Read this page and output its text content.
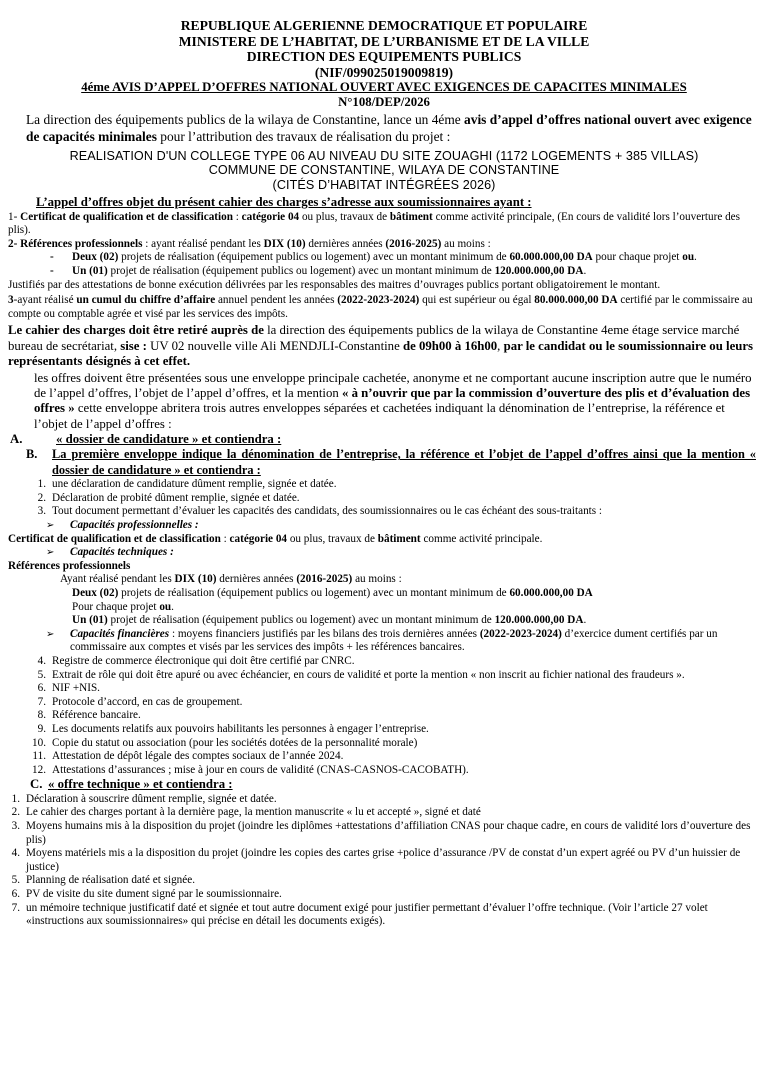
REPUBLIQUE ALGERIENNE DEMOCRATIQUE ET POPULAIRE
MINISTERE DE L’HABITAT, DE L’URBANISME ET DE LA VILLE
DIRECTION DES EQUIPEMENTS PUBLICS
(NIF/099025019009819)
4éme AVIS D’APPEL D’OFFRES NATIONAL OUVERT AVEC EXIGENCES DE CAPACITES MINIMALES
N°108/DEP/2026
La direction des équipements publics de la wilaya de Constantine, lance un 4éme avis d’appel d’offres national ouvert avec exigence de capacités minimales pour l’attribution des travaux de réalisation du projet :
REALISATION D'UN COLLEGE TYPE 06 AU NIVEAU DU SITE ZOUAGHI (1172 LOGEMENTS + 385 VILLAS)
COMMUNE DE CONSTANTINE, WILAYA DE CONSTANTINE
(CITÉS D’HABITAT INTÉGRÉES 2026)
L’appel d’offres objet du présent cahier des charges s’adresse aux soumissionnaires ayant :
1- Certificat de qualification et de classification : catégorie 04 ou plus, travaux de bâtiment comme activité principale, (En cours de validité lors l’ouverture des plis).
2- Références professionnels : ayant réalisé pendant les DIX (10) dernières années (2016-2025) au moins :
-	Deux (02) projets de réalisation (équipement publics ou logement) avec un montant minimum de 60.000.000,00 DA pour chaque projet ou.
-	Un (01) projet de réalisation (équipement publics ou logement) avec un montant minimum de 120.000.000,00 DA.
Justifiés par des attestations de bonne exécution délivrées par les responsables des maitres d’ouvrages publics portant obligatoirement le montant.
3-ayant réalisé un cumul du chiffre d’affaire annuel pendent les années (2022-2023-2024) qui est supérieur ou égal 80.000.000,00 DA certifié par le commissaire au compte ou comptable agrée et visé par les services des impôts.
Le cahier des charges doit être retiré auprès de la direction des équipements publics de la wilaya de Constantine 4eme étage service marché bureau de secrétariat, sise : UV 02 nouvelle ville Ali MENDJLI-Constantine de 09h00 à 16h00, par le candidat ou le soumissionnaire ou leurs représentants désignés à cet effet.
les offres doivent être présentées sous une enveloppe principale cachetée, anonyme et ne comportant aucune inscription autre que le numéro de l’appel d’offres, l’objet de l’appel d’offres, et la mention « à n’ouvrir que par la commission d’ouverture des plis et d’évaluation des offres » cette enveloppe abritera trois autres enveloppes séparées et cachetées indiquant la dénomination de l’entreprise, la référence et l’objet de l’appel d’offres :
A.	« dossier de candidature » et contiendra :
B.	La première enveloppe indique la dénomination de l’entreprise, la référence et l’objet de l’appel d’offres ainsi que la mention « dossier de candidature » et contiendra :
1. une déclaration de candidature dûment remplie, signée et datée.
2. Déclaration de probité dûment remplie, signée et datée.
3. Tout document permettant d’évaluer les capacités des candidats, des soumissionnaires ou le cas échéant des sous-traitants :
➢	Capacités professionnelles :
Certificat de qualification et de classification : catégorie 04 ou plus, travaux de bâtiment comme activité principale.
➢	Capacités techniques :
Références professionnels
Ayant réalisé pendant les DIX (10) dernières années (2016-2025) au moins :
Deux (02) projets de réalisation (équipement publics ou logement) avec un montant minimum de 60.000.000,00 DA
Pour chaque projet ou.
Un (01) projet de réalisation (équipement publics ou logement) avec un montant minimum de 120.000.000,00 DA.
➢	Capacités financières : moyens financiers justifiés par les bilans des trois dernières années (2022-2023-2024) d’exercice dument certifiés par un commissaire aux comptes et visés par les services des impôts + les références bancaires.
4. Registre de commerce électronique qui doit être certifié par CNRC.
5. Extrait de rôle qui doit être apuré ou avec échéancier, en cours de validité et porte la mention « non inscrit au fichier national des fraudeurs ».
6. NIF +NIS.
7. Protocole d’accord, en cas de groupement.
8. Référence bancaire.
9. Les documents relatifs aux pouvoirs habilitants les personnes à engager l’entreprise.
10. Copie du statut ou association (pour les sociétés dotées de la personnalité morale)
11. Attestation de dépôt légale des comptes sociaux de l’année 2024.
12. Attestations d’assurances ; mise à jour en cours de validité (CNAS-CASNOS-CACOBATH).
C. « offre technique » et contiendra :
1. Déclaration à souscrire dûment remplie, signée et datée.
2. Le cahier des charges portant à la dernière page, la mention manuscrite « lu et accepté », signé et daté
3. Moyens humains mis à la disposition du projet (joindre les diplômes +attestations d’affiliation CNAS pour chaque cadre, en cours de validité lors d’ouverture des plis)
4. Moyens matériels mis a la disposition du projet (joindre les copies des cartes grise +police d’assurance /PV de constat d’un expert agréé ou PV d’un huissier de justice)
5. Planning de réalisation daté et signée.
6. PV de visite du site dument signé par le soumissionnaire.
7. un mémoire technique justificatif daté et signée et tout autre document exigé pour justifier permettant d’évaluer l’offre technique. (Voir l’article 27 volet «instructions aux soumissionnaires» qui précise en détail les documents exigés).
